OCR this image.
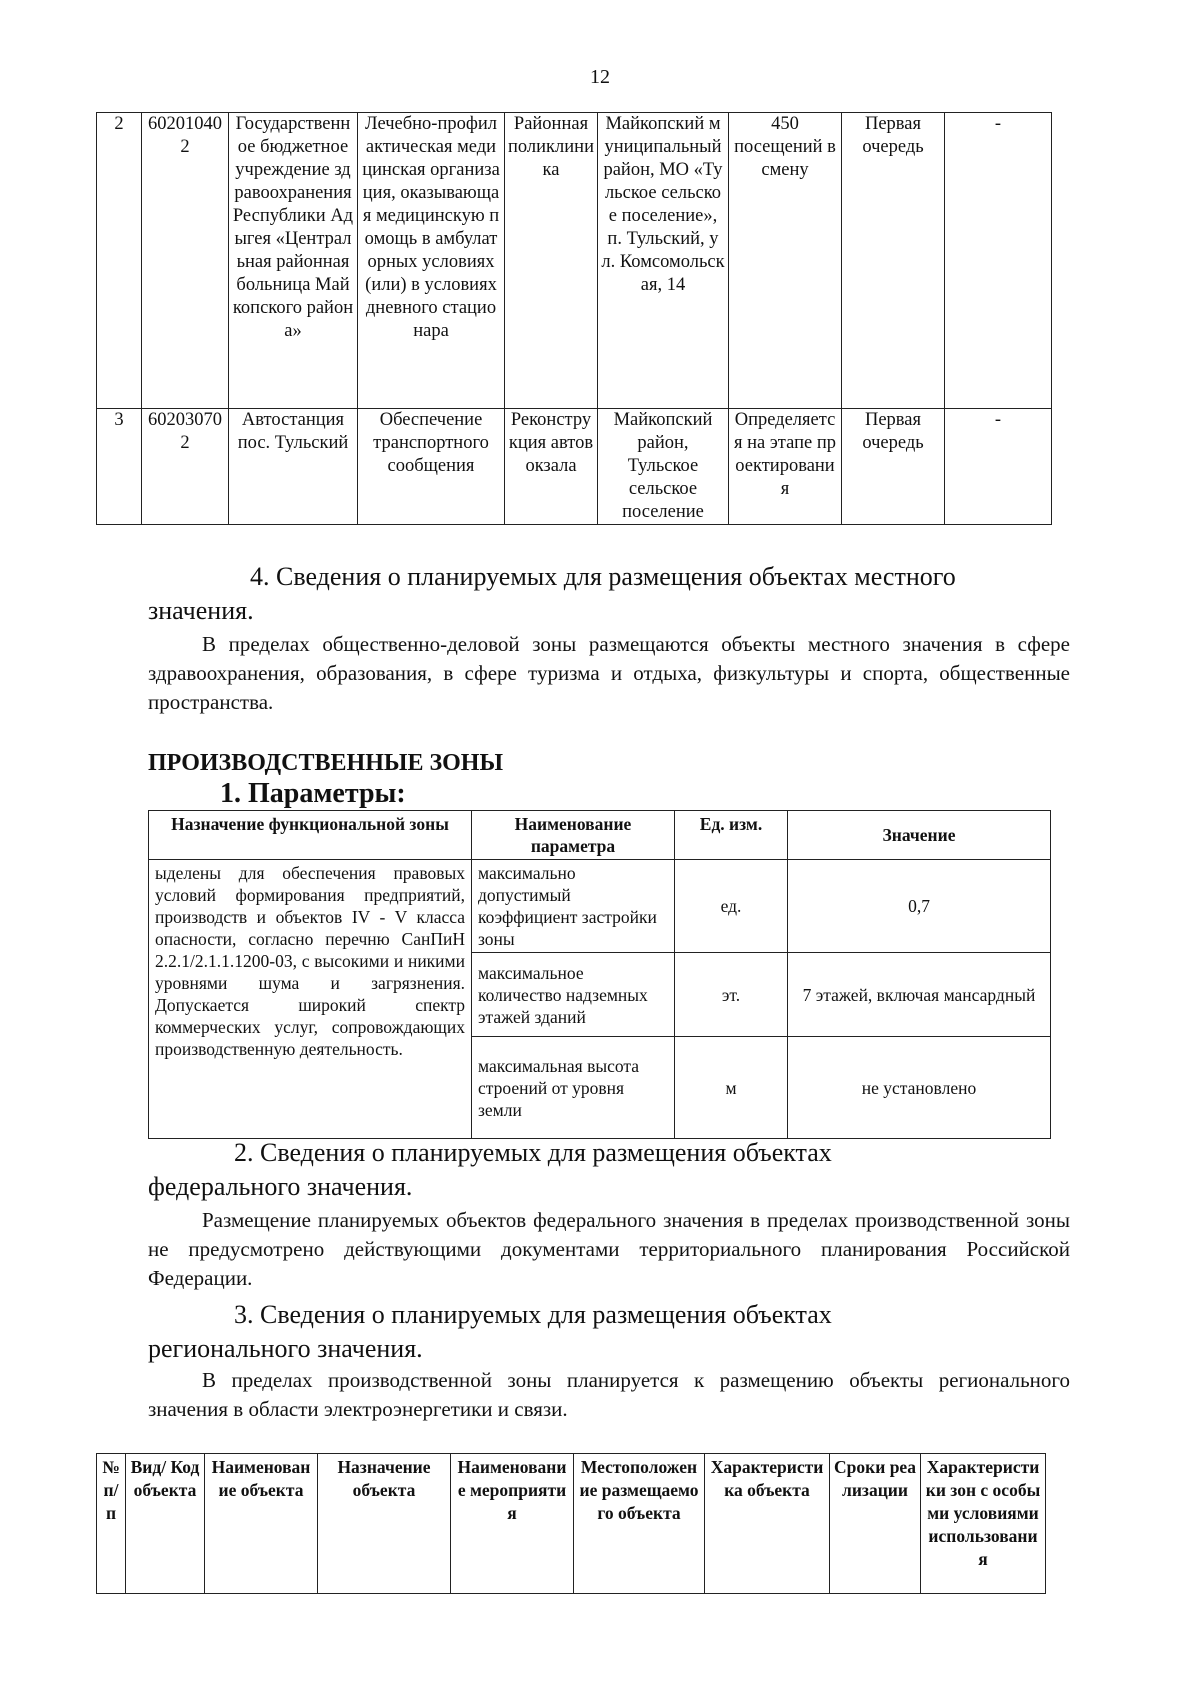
12
2	602010402	Государственное бюджетное учреждение здравоохранения Республики Адыгея «Центральная районная больница Майкопского района»	Лечебно-профилактическая медицинская организация, оказывающая медицинскую помощь в амбулаторных условиях (или) в условиях дневного стационара	Районная поликлиника	Майкопский муниципальный район, МО «Тульское сельское поселение», п. Тульский, ул. Комсомольская, 14	450 посещений в смену	Первая очередь	-
3	602030702	Автостанция пос. Тульский	Обеспечение транспортного сообщения	Реконструкция автовокзала	Майкопский район, Тульское сельское поселение	Определяется на этапе проектирования	Первая очередь	-
4. Сведения о планируемых для размещения объектах местного
значения.
В пределах общественно-деловой зоны размещаются объекты местного значения в сфере здравоохранения, образования, в сфере туризма и отдыха, физкультуры и спорта, общественные пространства.
ПРОИЗВОДСТВЕННЫЕ ЗОНЫ
1. Параметры:
Назначение функциональной зоны	Наименование параметра	Ед. изм.	Значение
ыделены для обеспечения правовых условий формирования предприятий, производств и объектов IV - V класса опасности, согласно перечню СанПиН 2.2.1/2.1.1.1200-03, с высокими и никими уровнями шума и загрязнения. Допускается широкий спектр коммерческих услуг, сопровождающих производственную деятельность.	максимально допустимый коэффициент застройки зоны	ед.	0,7
	максимальное количество надземных этажей зданий	эт.	7 этажей, включая мансардный
	максимальная высота строений от уровня земли	м	не установлено
2. Сведения о планируемых для размещения объектах
федерального значения.
Размещение планируемых объектов федерального значения в пределах производственной зоны не предусмотрено действующими документами территориального планирования Российской Федерации.
3. Сведения о планируемых для размещения объектах
регионального значения.
В пределах производственной зоны планируется к размещению объекты регионального значения в области электроэнергетики и связи.
№ п/п	Вид/ Код объекта	Наименование объекта	Назначение объекта	Наименование мероприятия	Местоположение размещаемого объекта	Характеристика объекта	Сроки реализации	Характеристики зон с особыми условиями использования
